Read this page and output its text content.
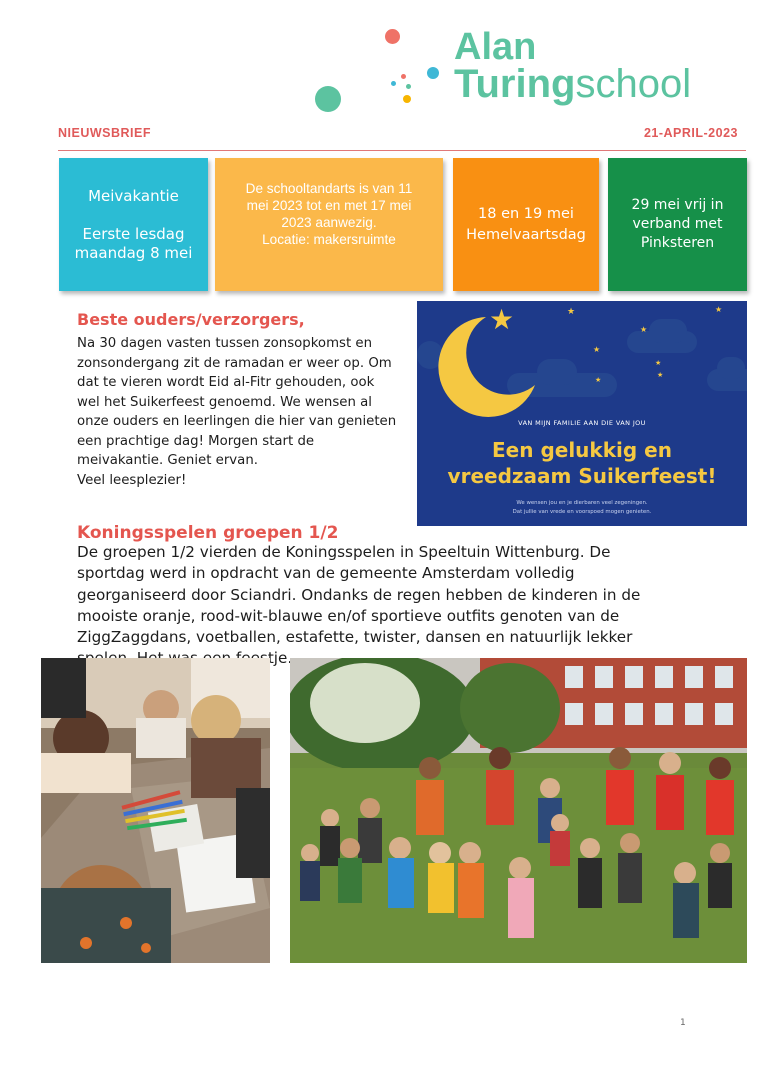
Alan
Turingschool
NIEUWSBRIEF	21-APRIL-2023
Meivakantie

Eerste lesdag
maandag 8 mei
De schooltandarts is van 11
mei 2023 tot en met 17 mei
2023 aanwezig.
Locatie: makersruimte
18 en 19 mei
Hemelvaartsdag
29 mei vrij in
verband met
Pinksteren
Beste ouders/verzorgers,
Na 30 dagen vasten tussen zonsopkomst en
zonsondergang zit de ramadan er weer op. Om
dat te vieren wordt Eid al-Fitr gehouden, ook
wel het Suikerfeest genoemd. We wensen al
onze ouders en leerlingen die hier van genieten
een prachtige dag! Morgen start de
meivakantie. Geniet ervan.
Veel leesplezier!
★	★
★
★
★
★
★
★
VAN MIJN FAMILIE AAN DIE VAN JOU
Een gelukkig en
vreedzaam Suikerfeest!
We wensen jou en je dierbaren veel zegeningen.
Dat jullie van vrede en voorspoed mogen genieten.
Koningsspelen groepen 1/2
De groepen 1/2 vierden de Koningsspelen in Speeltuin Wittenburg. De sportdag werd in opdracht van de gemeente Amsterdam volledig georganiseerd door Sciandri. Ondanks de regen hebben de kinderen in de mooiste oranje, rood-wit-blauwe en/of sportieve outfits genoten van de ZiggZaggdans, voetballen, estafette, twister, dansen en natuurlijk lekker
1
